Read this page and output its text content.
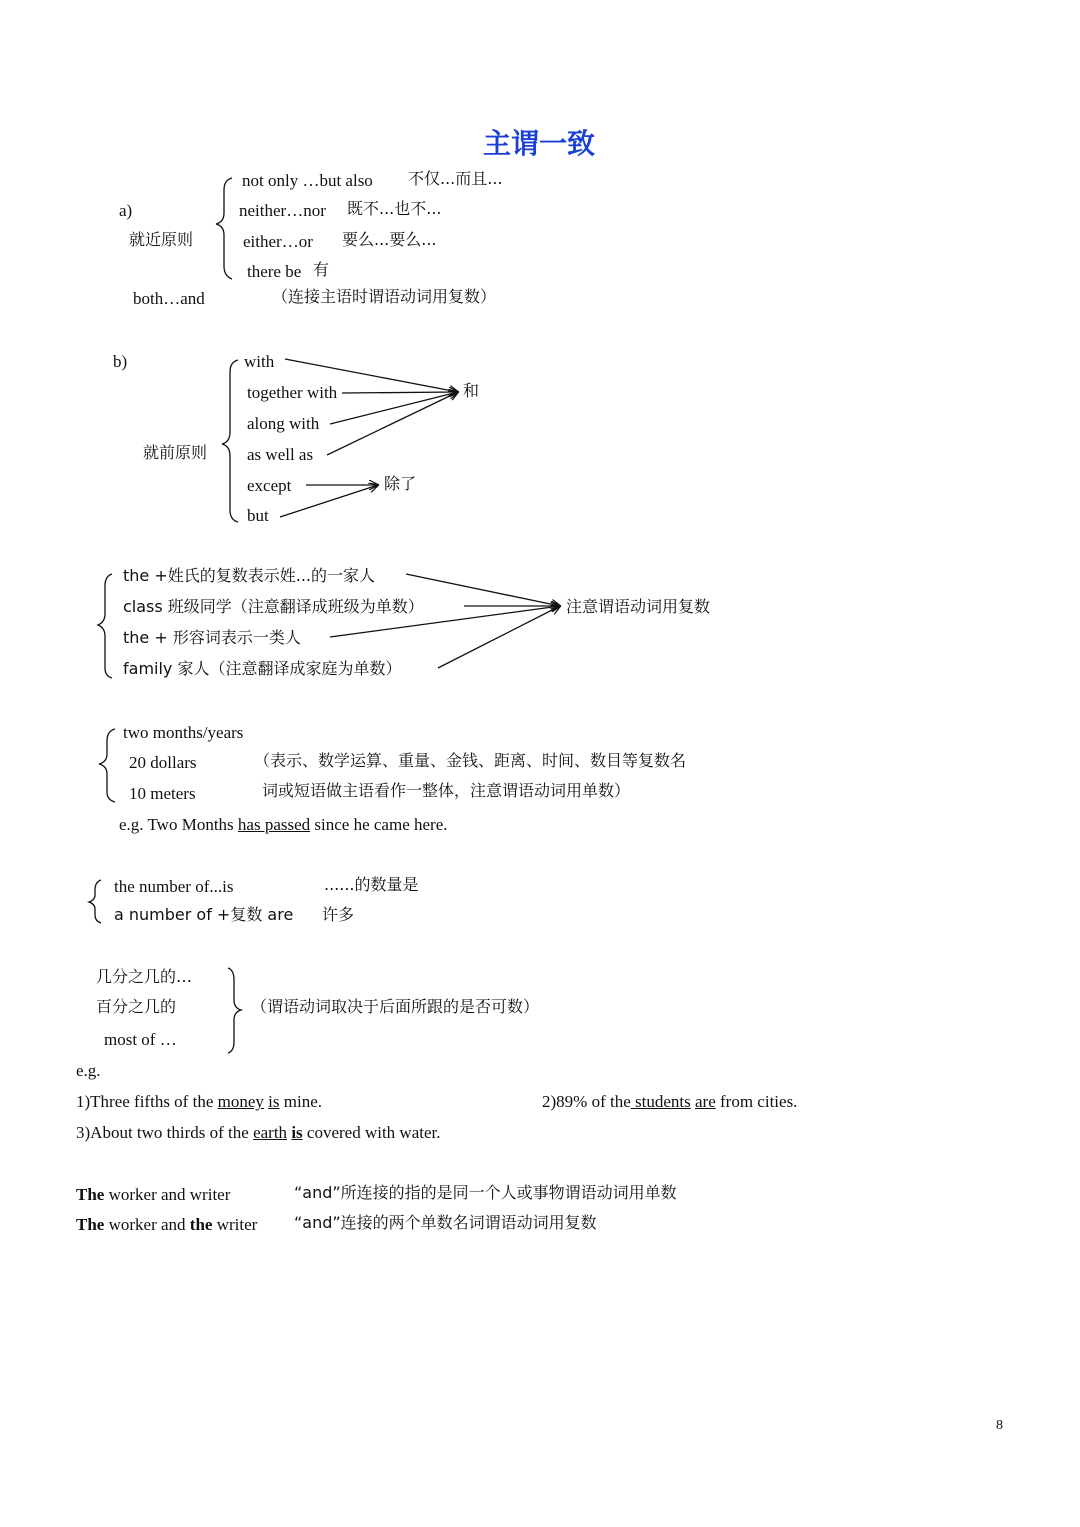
主谓一致
a)
就近原则
not only …but also 不仅...而且...
neither…nor 既不...也不...
either…or 要么...要么...
there be 有
both…and	（连接主语时谓语动词用复数）
b)
就前原则
with
together with
along with
as well as
except
but
和
除了
the +姓氏的复数表示姓...的一家人
class 班级同学（注意翻译成班级为单数）
the + 形容词表示一类人
family 家人（注意翻译成家庭为单数）
注意谓语动词用复数
two months/years
20 dollars
10 meters
（表示、数学运算、重量、金钱、距离、时间、数目等复数名
词或短语做主语看作一整体，注意谓语动词用单数）
e.g. Two Months has passed since he came here.
the number of...is	......的数量是
a number of +复数 are 许多
几分之几的…
百分之几的
most of …
（谓语动词取决于后面所跟的是否可数）
e.g.
1)Three fifths of the money is mine.	2)89% of the students are from cities.
3)About two thirds of the earth is covered with water.
The worker and writer	“and”所连接的指的是同一个人或事物谓语动词用单数
The worker and the writer “and”连接的两个单数名词谓语动词用复数
8
